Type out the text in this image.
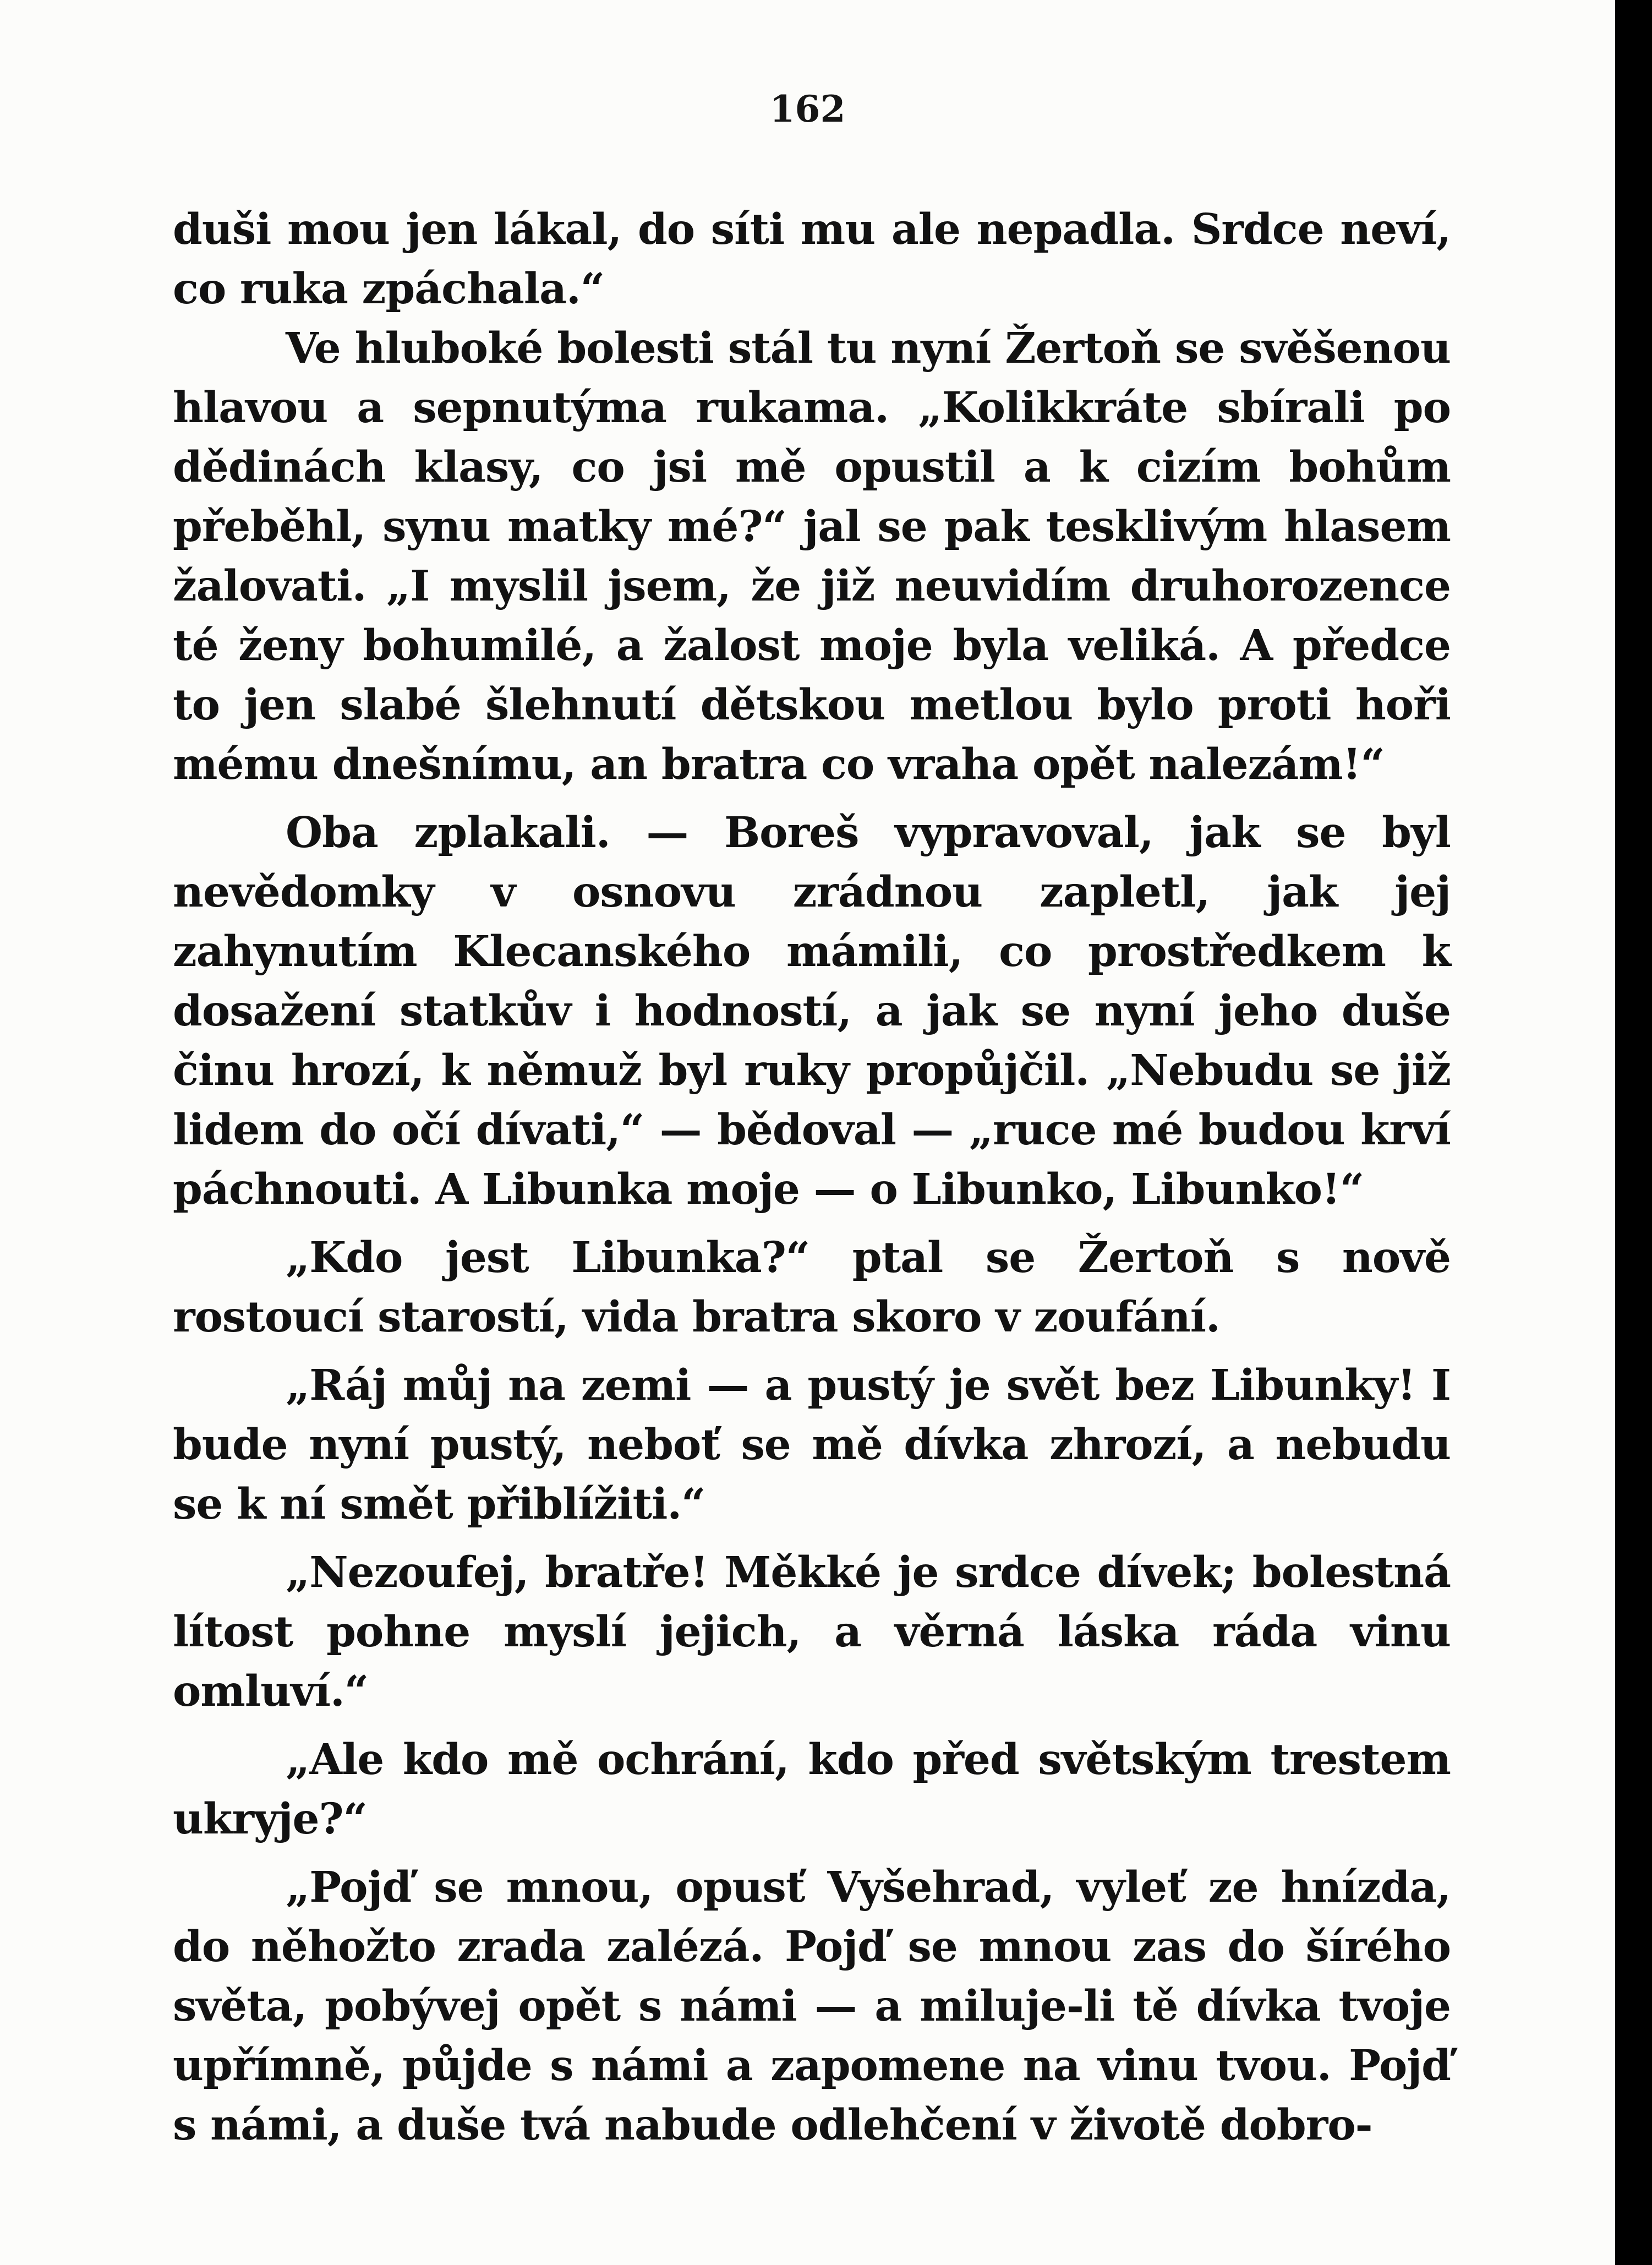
162

duši mou jen lákal, do síti mu ale nepadla. Srdce neví, co ruka zpáchala.“

Ve hluboké bolesti stál tu nyní Žertoň se svěšenou hlavou a sepnutýma rukama. „Kolikkráte sbírali po dědinách klasy, co jsi mě opustil a k cizím bohům přeběhl, synu matky mé?“ jal se pak tesklivým hlasem žalovati. „I myslil jsem, že již neuvidím druhorozence té ženy bohumilé, a žalost moje byla veliká. A předce to jen slabé šlehnutí dětskou metlou bylo proti hoři mému dnešnímu, an bratra co vraha opět nalezám!“

Oba zplakali. — Boreš vypravoval, jak se byl nevědomky v osnovu zrádnou zapletl, jak jej zahynutím Klecanského mámili, co prostředkem k dosažení statkův i hodností, a jak se nyní jeho duše činu hrozí, k němuž byl ruky propůjčil. „Nebudu se již lidem do očí dívati,“ — bědoval — „ruce mé budou krví páchnouti. A Libunka moje — o Libunko, Libunko!“

„Kdo jest Libunka?“ ptal se Žertoň s nově rostoucí starostí, vida bratra skoro v zoufání.

„Ráj můj na zemi — a pustý je svět bez Libunky! I bude nyní pustý, neboť se mě dívka zhrozí, a nebudu se k ní smět přiblížiti.“

„Nezoufej, bratře! Měkké je srdce dívek; bolestná lítost pohne myslí jejich, a věrná láska ráda vinu omluví.“

„Ale kdo mě ochrání, kdo před světským trestem ukryje?“

„Pojď se mnou, opusť Vyšehrad, vyleť ze hnízda, do něhožto zrada zalézá. Pojď se mnou zas do šírého světa, pobývej opět s námi — a miluje-li tě dívka tvoje upřímně, půjde s námi a zapomene na vinu tvou. Pojď s námi, a duše tvá nabude odlehčení v životě dobro-
